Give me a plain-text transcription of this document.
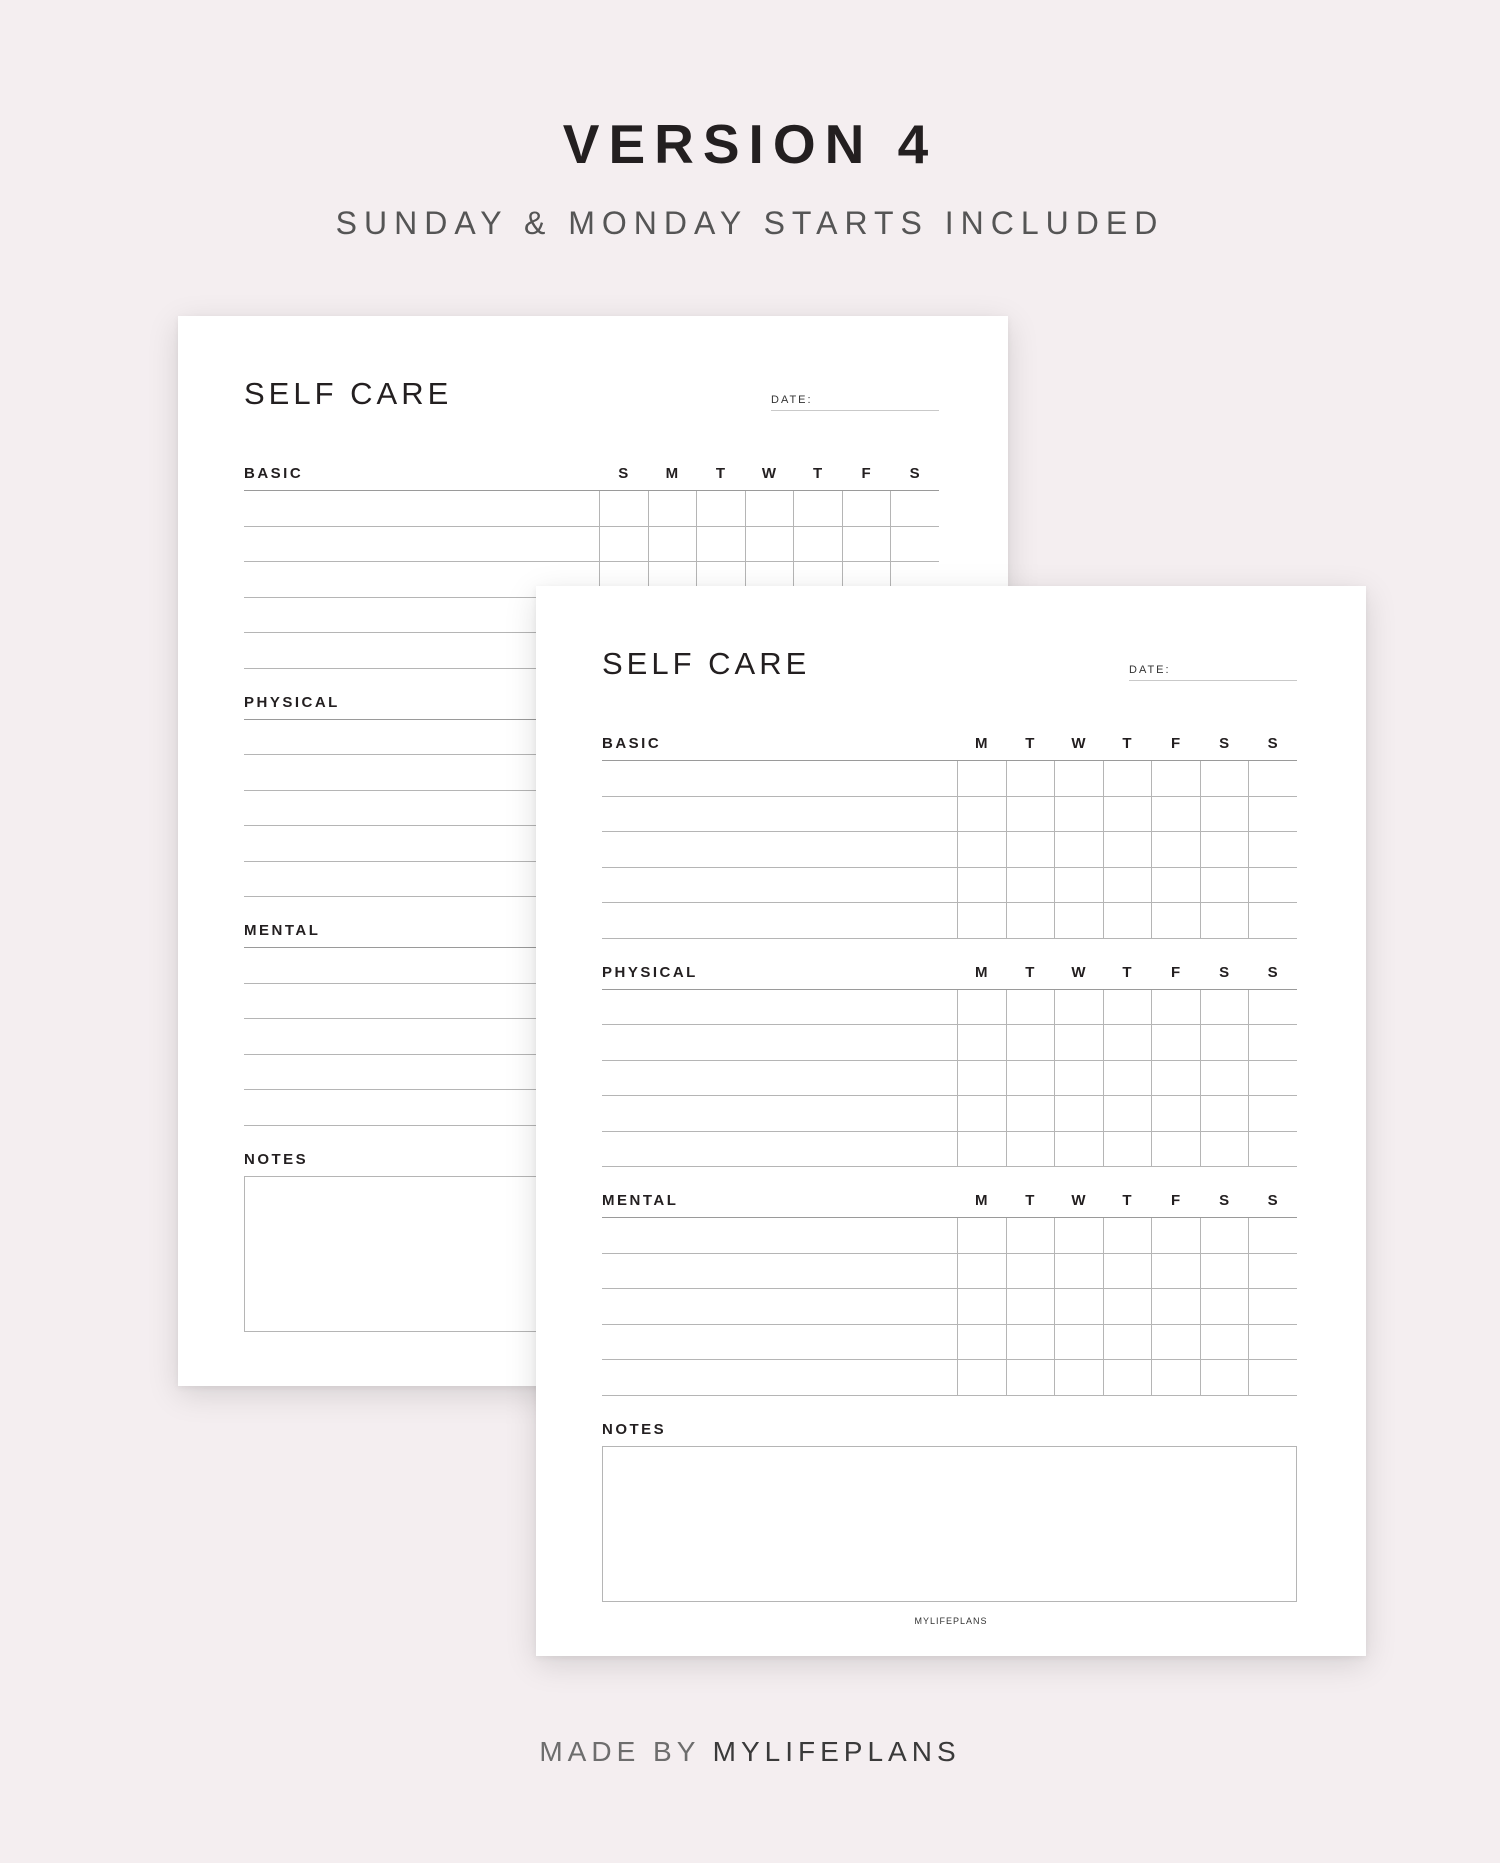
VERSION 4
SUNDAY & MONDAY STARTS INCLUDED
SELF CARE	DATE:
BASIC	S	M	T	W	T	F	S
PHYSICAL
MENTAL
NOTES
SELF CARE	DATE:
BASIC	M	T	W	T	F	S	S
PHYSICAL	M	T	W	T	F	S	S
MENTAL	M	T	W	T	F	S	S
NOTES
MYLIFEPLANS
MADE BY MYLIFEPLANS
